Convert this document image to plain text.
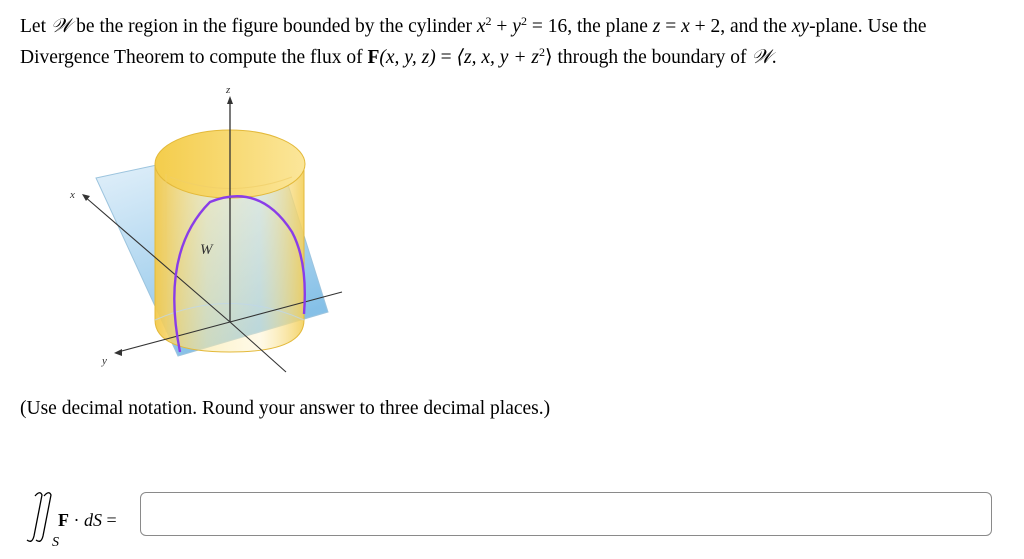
Let 𝒲 be the region in the figure bounded by the cylinder $x^2 + y^2 = 16$, the plane z = x + 2, and the xy-plane. Use the
Divergence Theorem to compute the flux of F(x, y, z) = ⟨z, x, $y + z^2⟩$ through the boundary of 𝒲.

z
x
y
W

(Use decimal notation. Round your answer to three decimal places.)

S
F · dS =
